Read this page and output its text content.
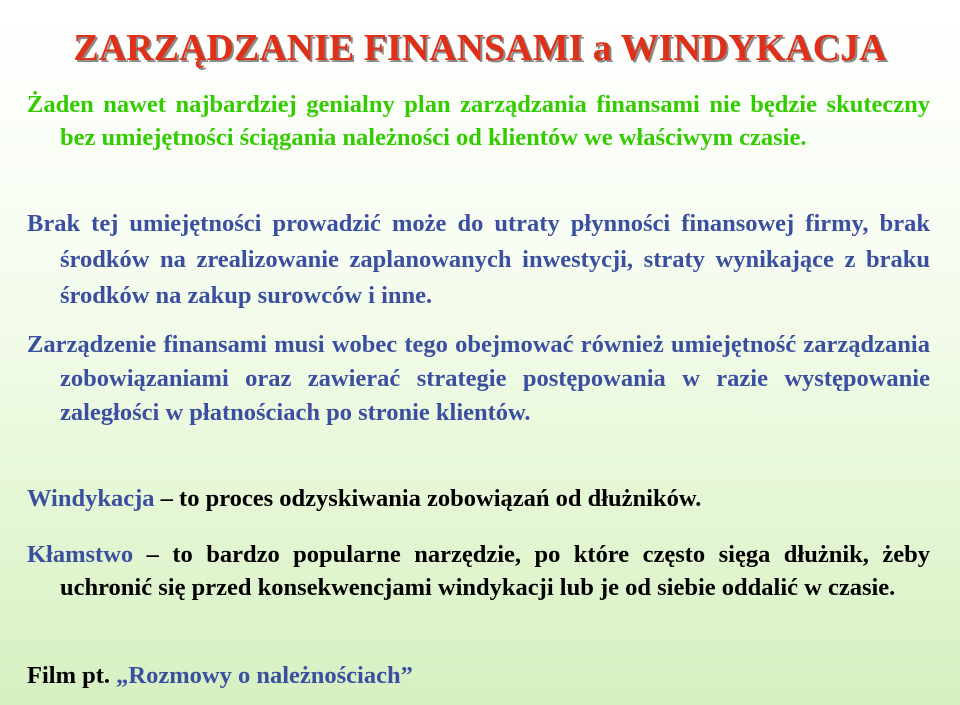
ZARZĄDZANIE FINANSAMI a WINDYKACJA
Żaden nawet najbardziej genialny plan zarządzania finansami nie będzie skuteczny bez umiejętności ściągania należności od klientów we właściwym czasie.
Brak tej umiejętności prowadzić może do utraty płynności finansowej firmy, brak środków na zrealizowanie zaplanowanych inwestycji, straty wynikające z braku środków na zakup surowców i inne.
Zarządzenie finansami musi wobec tego obejmować również umiejętność zarządzania zobowiązaniami oraz zawierać strategie postępowania w razie występowanie zaległości w płatnościach po stronie klientów.
Windykacja – to proces odzyskiwania zobowiązań od dłużników.
Kłamstwo – to bardzo popularne narzędzie, po które często sięga dłużnik, żeby uchronić się przed konsekwencjami windykacji lub je od siebie oddalić w czasie.
Film pt. „Rozmowy o należnościach”
